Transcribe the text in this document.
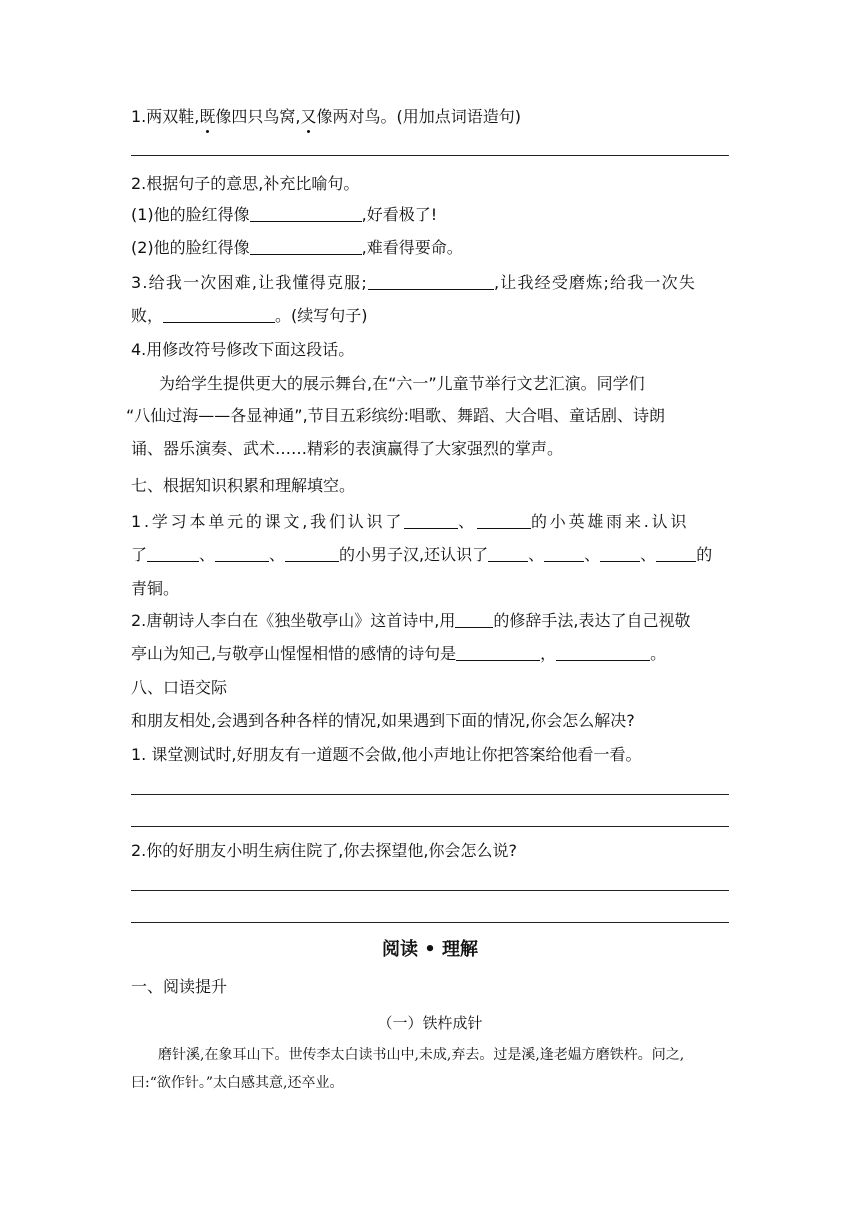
1.两双鞋,既像四只鸟窝,又像两对鸟。(用加点词语造句)
2.根据句子的意思,补充比喻句。
(1)他的脸红得像	,好看极了!
(2)他的脸红得像	,难看得要命。
3.给我一次困难,让我懂得克服;	,让我经受磨炼;给我一次失
败，	。(续写句子)
4.用修改符号修改下面这段话。
为给学生提供更大的展示舞台,在“六一”儿童节举行文艺汇演。同学们
“八仙过海——各显神通”,节目五彩缤纷:唱歌、舞蹈、大合唱、童话剧、诗朗
诵、器乐演奏、武术……精彩的表演赢得了大家强烈的掌声。
七、根据知识积累和理解填空。
1.学习本单元的课文,我们认识了	、	的小英雄雨来.认识
了	、	、	的小男子汉,还认识了	、	、	、	的
青铜。
2.唐朝诗人李白在《独坐敬亭山》这首诗中,用 的修辞手法,表达了自己视敬
亭山为知己,与敬亭山惺惺相惜的感情的诗句是	，	。
八、口语交际
和朋友相处,会遇到各种各样的情况,如果遇到下面的情况,你会怎么解决?
1. 课堂测试时,好朋友有一道题不会做,他小声地让你把答案给他看一看。
2.你的好朋友小明生病住院了,你去探望他,你会怎么说?
阅读 • 理解
一、阅读提升
（一）铁杵成针
磨针溪,在象耳山下。世传李太白读书山中,未成,弃去。过是溪,逢老媪方磨铁杵。问之,
曰:“欲作针。”太白感其意,还卒业。
